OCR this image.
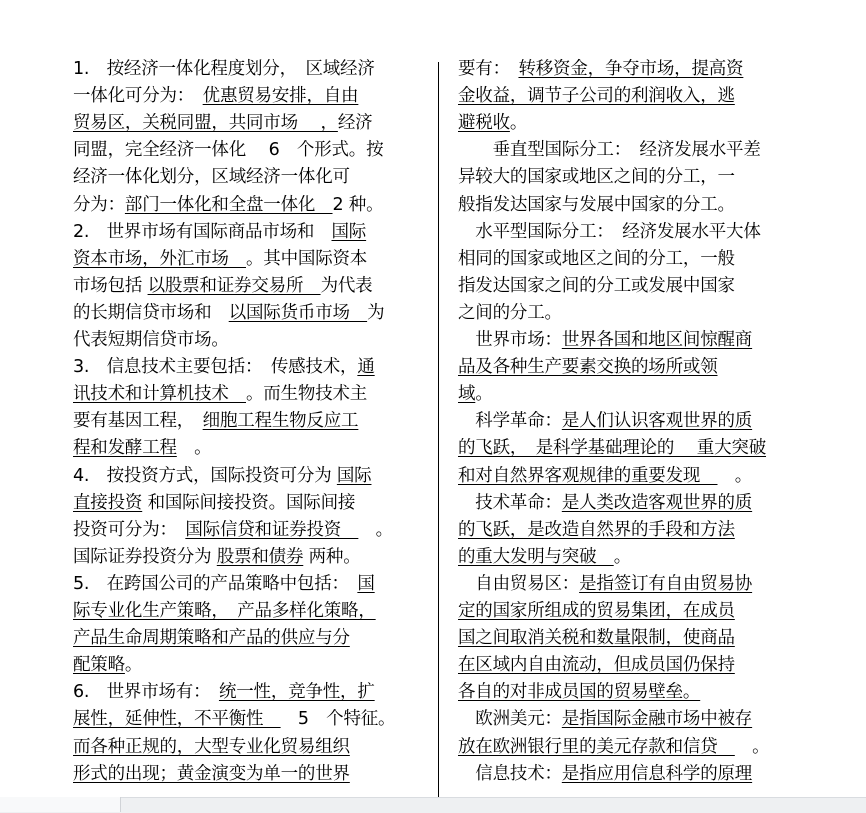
1.　按经济一体化程度划分，　区域经济
一体化可分为：　优惠贸易安排，自由
贸易区，关税同盟，共同市场　 ，经济
同盟，完全经济一体化　 6　个形式。按
经济一体化划分，区域经济一体化可
分为：部门一体化和全盘一体化　2 种。
2.　世界市场有国际商品市场和　国际
资本市场，外汇市场　。其中国际资本
市场包括 以股票和证券交易所　为代表
的长期信贷市场和　以国际货币市场　为
代表短期信贷市场。
3.　信息技术主要包括：　传感技术，通
讯技术和计算机技术　。而生物技术主
要有基因工程，　细胞工程生物反应工
程和发酵工程　。
4.　按投资方式，国际投资可分为 国际
直接投资 和国际间接投资。国际间接
投资可分为：　国际信贷和证券投资　　。
国际证券投资分为 股票和债券 两种。
5.　在跨国公司的产品策略中包括：　国
际专业化生产策略，　产品多样化策略，
产品生命周期策略和产品的供应与分
配策略。
6.　世界市场有：　统一性，竞争性，扩
展性，延伸性，不平衡性　　5　个特征。
而各种正规的，大型专业化贸易组织
形式的出现；黄金演变为单一的世界
要有：　转移资金，争夺市场，提高资
金收益，调节子公司的利润收入，逃
避税收。
　　垂直型国际分工：　经济发展水平差
异较大的国家或地区之间的分工，一
般指发达国家与发展中国家的分工。
　水平型国际分工：　经济发展水平大体
相同的国家或地区之间的分工，一般
指发达国家之间的分工或发展中国家
之间的分工。
　世界市场：世界各国和地区间惊醒商
品及各种生产要素交换的场所或领
域。
　科学革命：是人们认识客观世界的质
的飞跃，　是科学基础理论的　 重大突破
和对自然界客观规律的重要发现　　。
　技术革命：是人类改造客观世界的质
的飞跃，是改造自然界的手段和方法
的重大发明与突破　。
　自由贸易区：是指签订有自由贸易协
定的国家所组成的贸易集团，在成员
国之间取消关税和数量限制，使商品
在区域内自由流动，但成员国仍保持
各自的对非成员国的贸易壁垒。
　欧洲美元：是指国际金融市场中被存
放在欧洲银行里的美元存款和信贷　　。
　信息技术：是指应用信息科学的原理
